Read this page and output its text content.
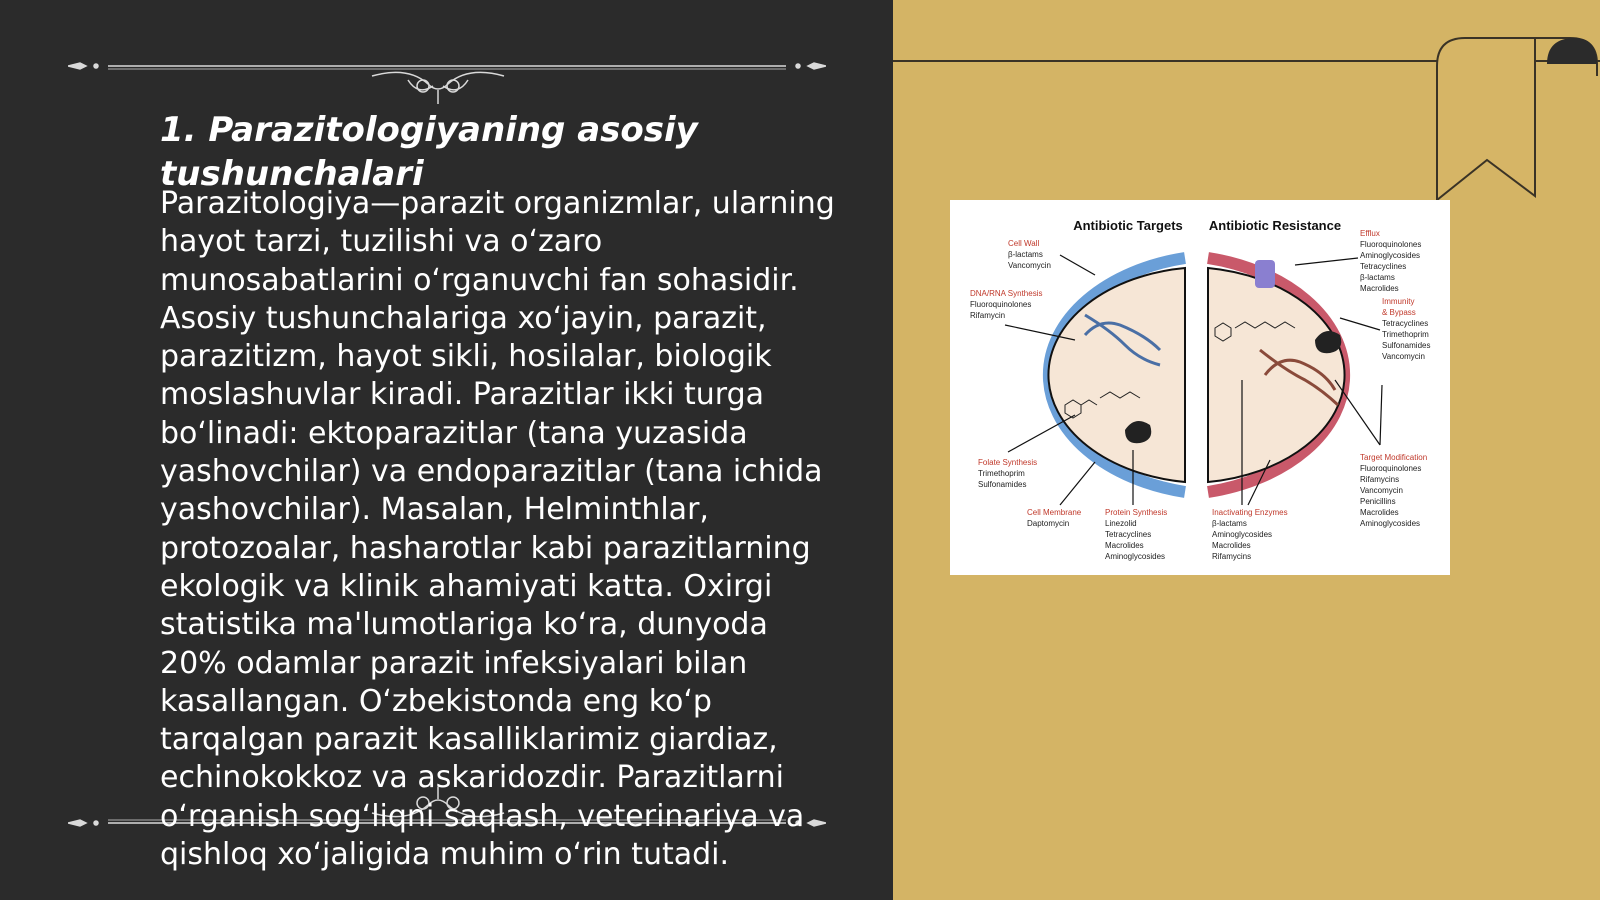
1. Parazitologiyaning asosiy tushunchalari
Parazitologiya—parazit organizmlar, ularning hayot tarzi, tuzilishi va o‘zaro munosabatlarini o‘rganuvchi fan sohasidir. Asosiy tushunchalariga xo‘jayin, parazit, parazitizm, hayot sikli, hosilalar, biologik moslashuvlar kiradi. Parazitlar ikki turga bo‘linadi: ektoparazitlar (tana yuzasida yashovchilar) va endoparazitlar (tana ichida yashovchilar). Masalan, Helminthlar, protozoalar, hasharotlar kabi parazitlarning ekologik va klinik ahamiyati katta. Oxirgi statistika ma'lumotlariga ko‘ra, dunyoda 20% odamlar parazit infeksiyalari bilan kasallangan. O‘zbekistonda eng ko‘p tarqalgan parazit kasalliklarimiz giardiaz, echinokokkoz va askaridozdir. Parazitlarni o‘rganish sog‘liqni saqlash, veterinariya va qishloq xo‘jaligida muhim o‘rin tutadi.
Antibiotic Targets Antibiotic Resistance
Cell Wall
β-lactams
Vancomycin
DNA/RNA Synthesis
Fluoroquinolones
Rifamycin
Folate Synthesis
Trimethoprim
Sulfonamides
Cell Membrane
Daptomycin
Protein Synthesis
Linezolid
Tetracyclines
Macrolides
Aminoglycosides
Efflux
Fluoroquinolones
Aminoglycosides
Tetracyclines
β-lactams
Macrolides
Immunity
& Bypass
Tetracyclines
Trimethoprim
Sulfonamides
Vancomycin
Target Modification
Fluoroquinolones
Rifamycins
Vancomycin
Penicillins
Macrolides
Aminoglycosides
Inactivating Enzymes
β-lactams
Aminoglycosides
Macrolides
Rifamycins
